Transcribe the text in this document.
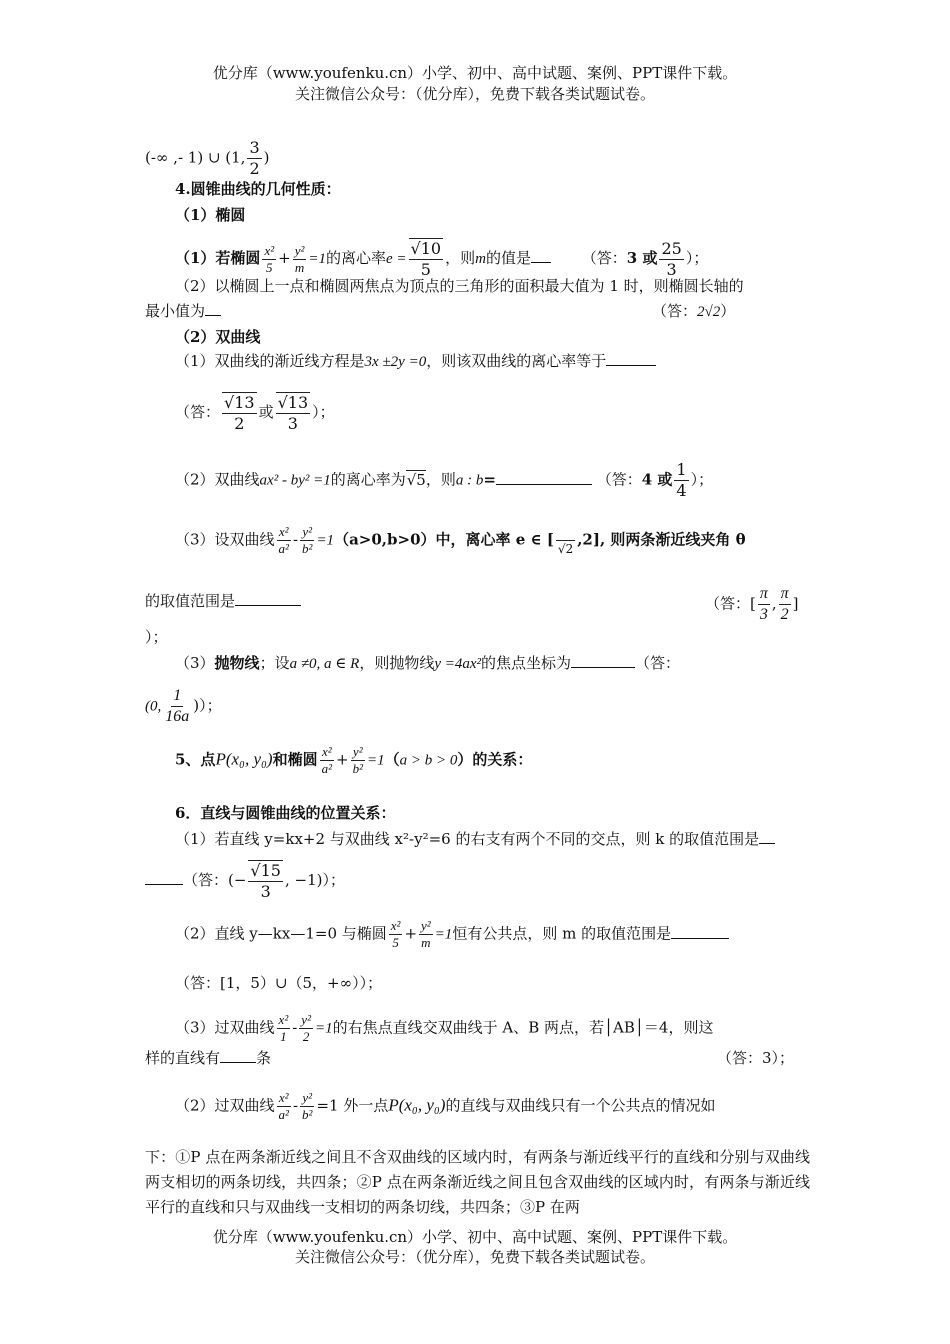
优分库（www.youfenku.cn）小学、初中、高中试题、案例、PPT课件下载。
关注微信公众号：（优分库），免费下载各类试题试卷。
(-∞ ,- 1) ∪ (1, $\frac{3}{2}$ )
4.圆锥曲线的几何性质：
（1）椭圆
（1）若椭圆 $\frac{\text{x²}}{5} + \frac{\text{y²}}{m} =1$的离心率$e = \frac{√10}{5}$ ，则m的值是	（答：3 或 $\frac{25}{3}$ ）；
（2）以椭圆上一点和椭圆两焦点为顶点的三角形的面积最大值为 1 时，则椭圆长轴的
最小值为	（答：2√2）
（2）双曲线
（1）双曲线的渐近线方程是3x ±2y =0，则该双曲线的离心率等于
（答： $\frac{√13}{2}$ 或 $\frac{√13}{3}$ ）；
（2）双曲线ax² - by² =1的离心率为√5，则a : b=	（答：4 或 $\frac{1}{4}$ ）；
（3）设双曲线 $\frac{\text{x²}}{\text{a²}} - \frac{\text{y²}}{\text{b²}} =1(a>0,b>0)$中，离心率 e ∈ [
√2
,2], 则两条渐近线夹角 θ
的取值范围是	（答：[ $\frac{\pi}{3}$ , $\frac{\pi}{2}$ ]
）；
（3）抛物线；设a ≠0, a ∈ R，则抛物线y =4ax²的焦点坐标为	（答：
(0, $\frac{1}{16a}$ )）；
5、点P(x₀, y₀)和椭圆 $\frac{\text{x²}}{\text{a²}} + \frac{\text{y²}}{\text{b²}} =1(a > b > 0)$的关系：
6．直线与圆锥曲线的位置关系：
（1）若直线 y=kx+2 与双曲线 x²-y²=6 的右支有两个不同的交点，则 k 的取值范围是
（答：(− $\frac{√15}{3}$ , −1)）；
（2）直线 y—kx—1=0 与椭圆 $\frac{\text{x²}}{5} + \frac{\text{y²}}{m} =1$恒有公共点，则 m 的取值范围是
（答：[1，5）∪（5，+∞））；
（3）过双曲线 $\frac{\text{x²}}{1} - \frac{\text{y²}}{2} =1$的右焦点直线交双曲线于 A、B 两点，若│AB│＝4，则这
样的直线有 条	（答：3）；
（2）过双曲线 $\frac{\text{x²}}{\text{a²}} - \frac{\text{y²}}{\text{b²}} =1$ 外一点P(x₀, y₀)的直线与双曲线只有一个公共点的情况如
下：①P 点在两条渐近线之间且不含双曲线的区域内时，有两条与渐近线平行的直线和分别与双曲线两支相切的两条切线，共四条；②P 点在两条渐近线之间且包含双曲线的区域内时，有两条与渐近线平行的直线和只与双曲线一支相切的两条切线，共四条；③P 在两
优分库（www.youfenku.cn）小学、初中、高中试题、案例、PPT课件下载。
关注微信公众号：（优分库），免费下载各类试题试卷。
